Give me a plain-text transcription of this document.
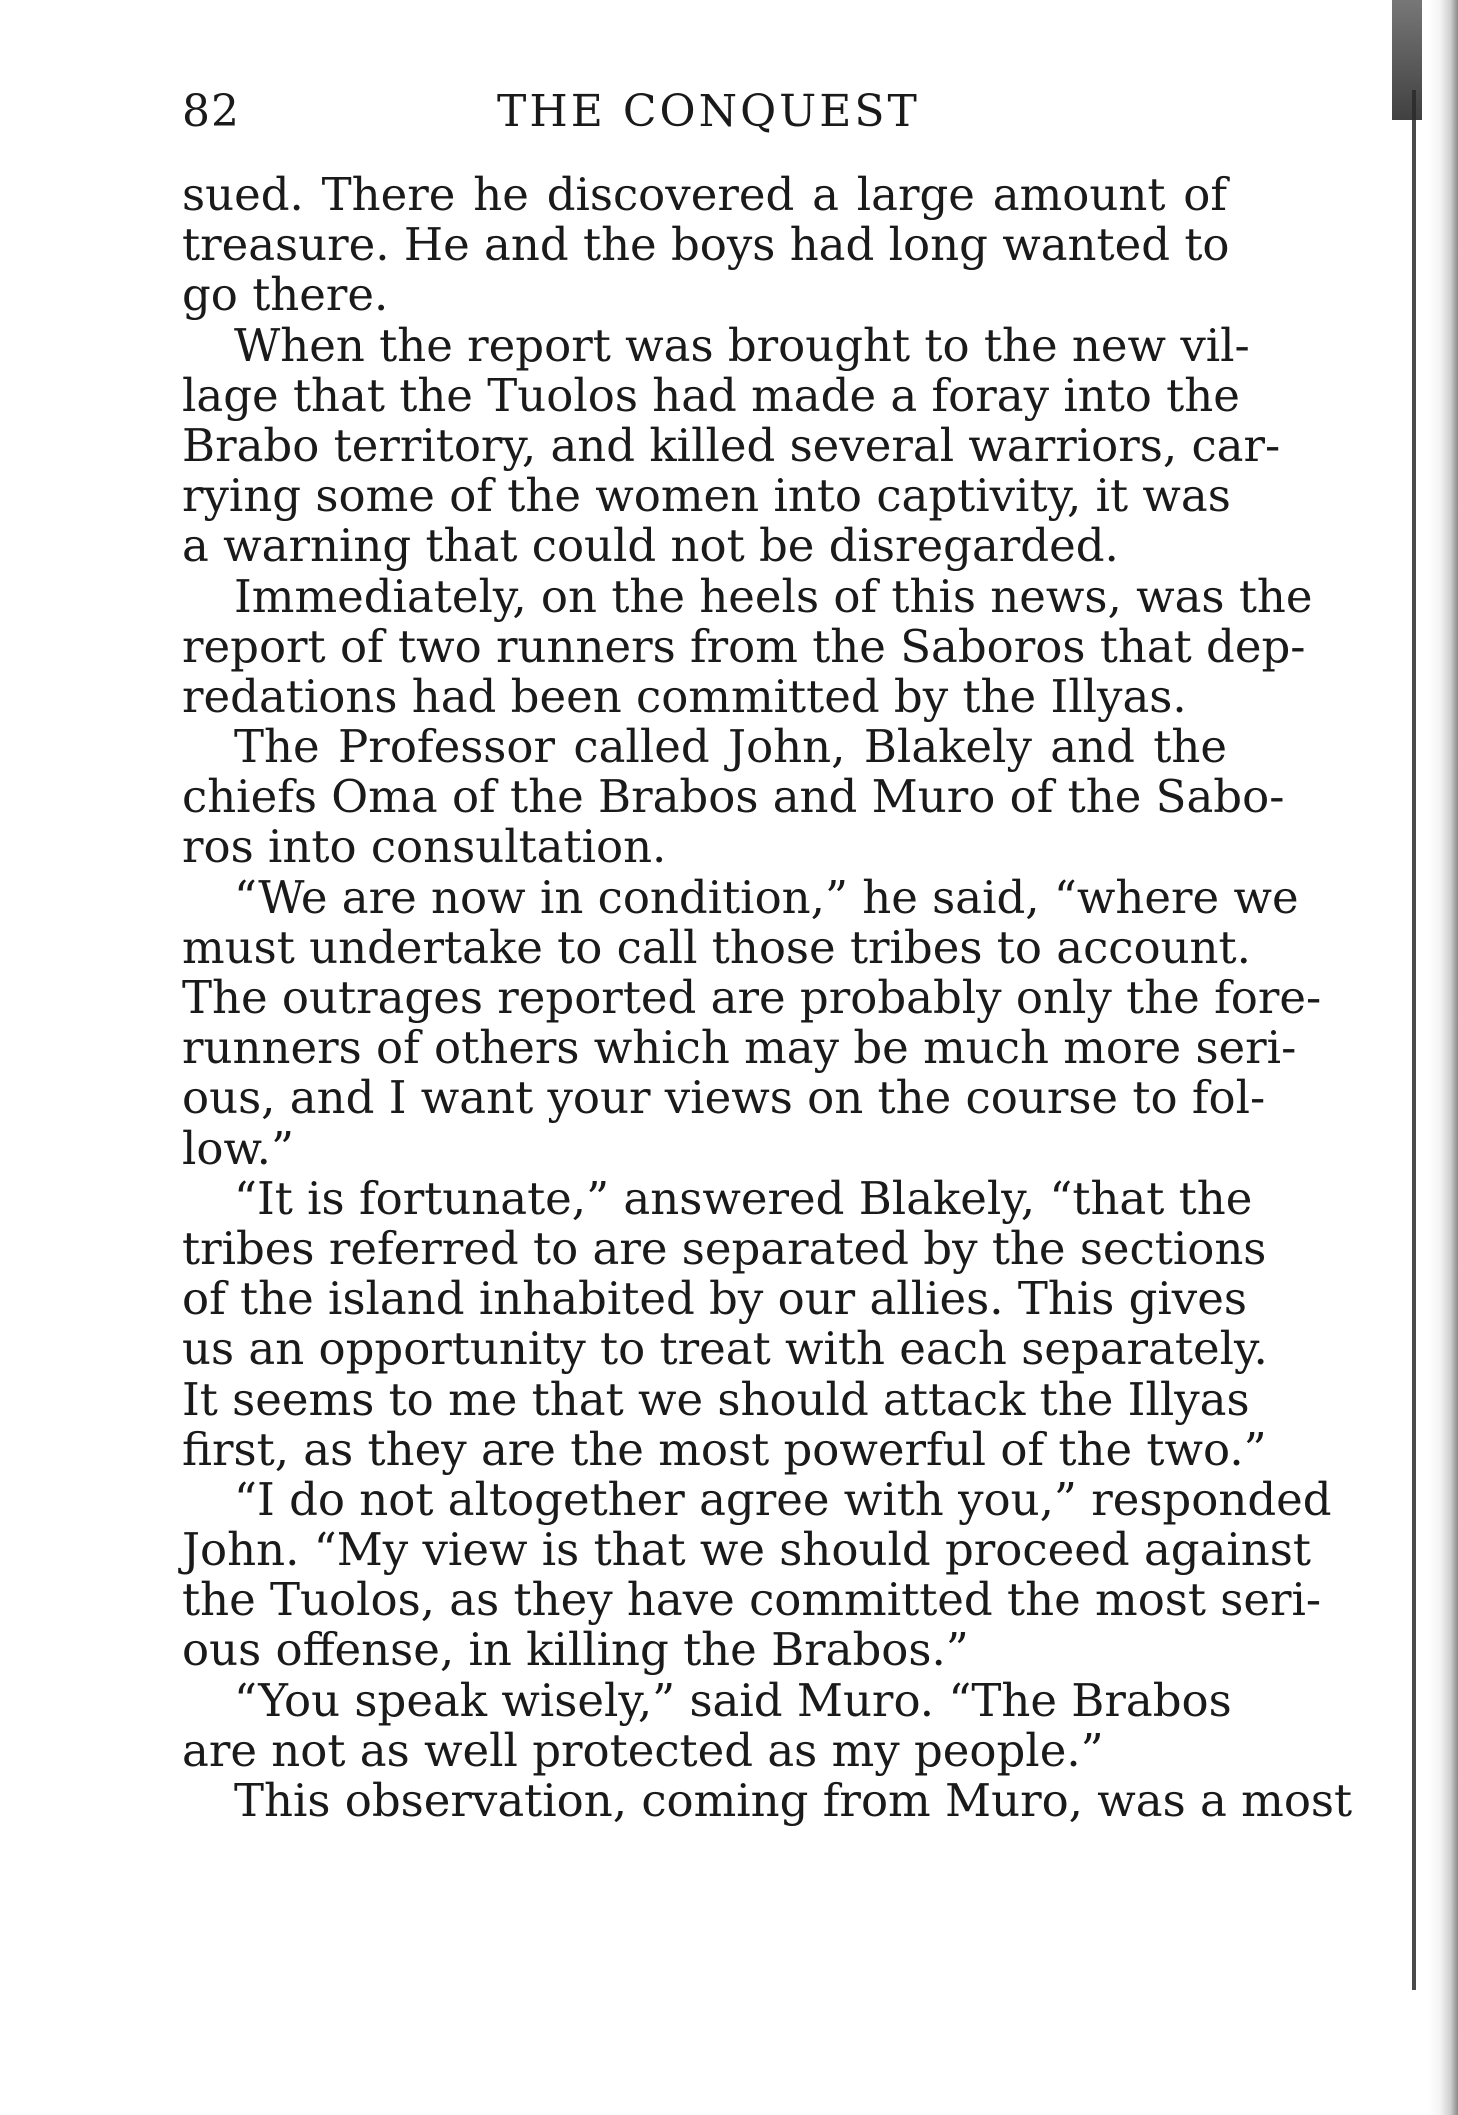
82	THE CONQUEST
sued. There he discovered a large amount of
treasure. He and the boys had long wanted to
go there.
When the report was brought to the new vil-
lage that the Tuolos had made a foray into the
Brabo territory, and killed several warriors, car-
rying some of the women into captivity, it was
a warning that could not be disregarded.
Immediately, on the heels of this news, was the
report of two runners from the Saboros that dep-
redations had been committed by the Illyas.
The Professor called John, Blakely and the
chiefs Oma of the Brabos and Muro of the Sabo-
ros into consultation.
“We are now in condition,” he said, “where we
must undertake to call those tribes to account.
The outrages reported are probably only the fore-
runners of others which may be much more seri-
ous, and I want your views on the course to fol-
low.”
“It is fortunate,” answered Blakely, “that the
tribes referred to are separated by the sections
of the island inhabited by our allies. This gives
us an opportunity to treat with each separately.
It seems to me that we should attack the Illyas
first, as they are the most powerful of the two.”
“I do not altogether agree with you,” responded
John. “My view is that we should proceed against
the Tuolos, as they have committed the most seri-
ous offense, in killing the Brabos.”
“You speak wisely,” said Muro. “The Brabos
are not as well protected as my people.”
This observation, coming from Muro, was a most
